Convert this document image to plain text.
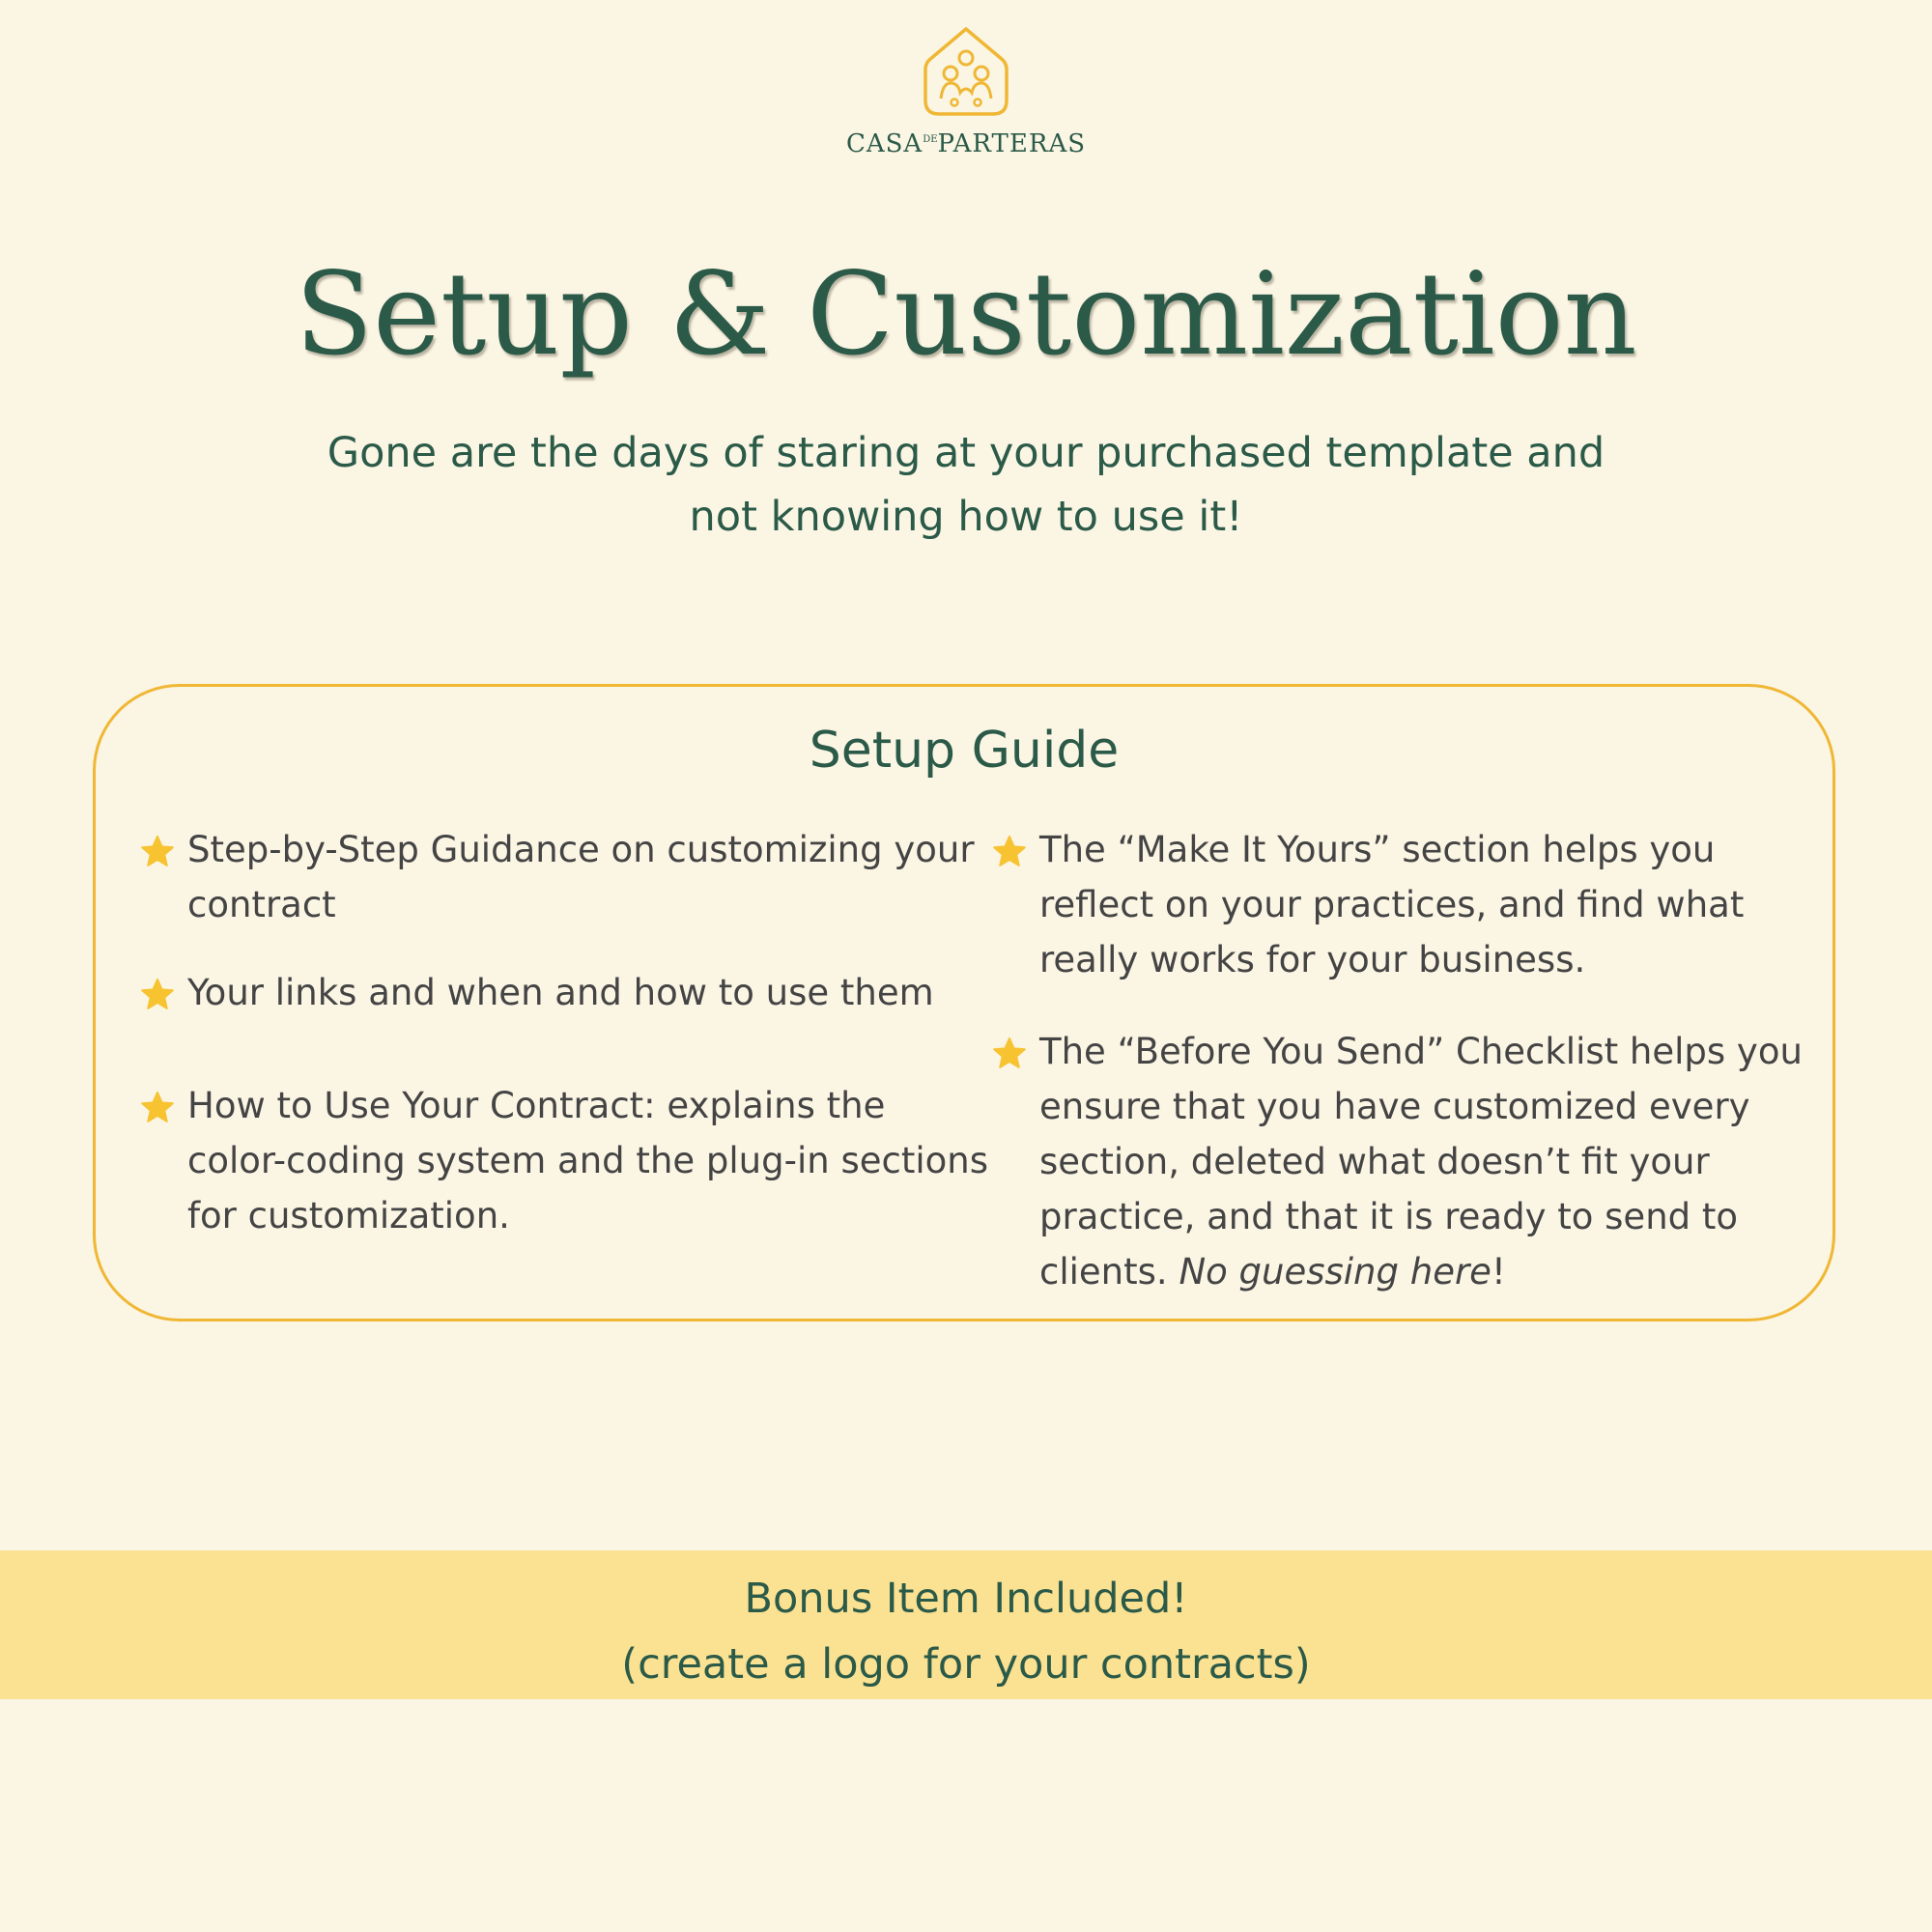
$CASA^{DE}PARTERAS$
Setup & Customization
Gone are the days of staring at your purchased template and not knowing how to use it!
Setup Guide
Step-by-Step Guidance on customizing your contract
Your links and when and how to use them
How to Use Your Contract: explains the color-coding system and the plug-in sections for customization.
The “Make It Yours” section helps you reflect on your practices, and find what really works for your business.
The “Before You Send” Checklist helps you ensure that you have customized every section, deleted what doesn’t fit your practice, and that it is ready to send to clients. No guessing here!
Bonus Item Included!
(create a logo for your contracts)
